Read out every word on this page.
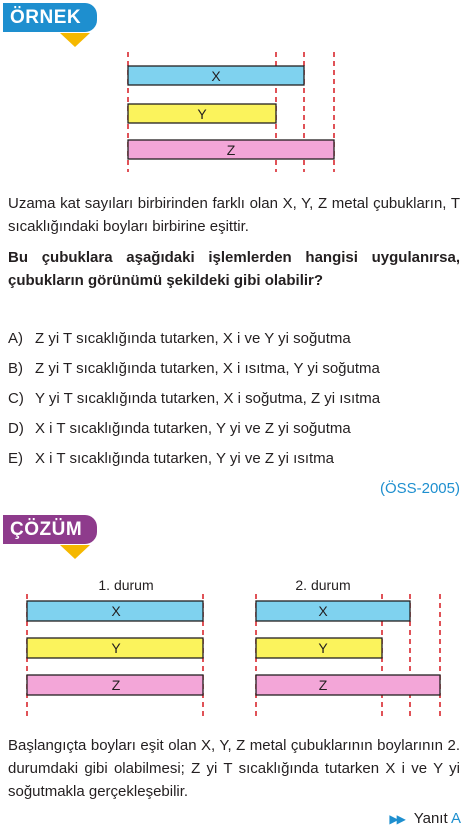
ÖRNEK
X
Y
Z
Uzama kat sayıları birbirinden farklı olan X, Y, Z metal çubukların, T sıcaklığındaki boyları birbirine eşittir.
Bu çubuklara aşağıdaki işlemlerden hangisi uygulanırsa, çubukların görünümü şekildeki gibi olabilir?
A) Z yi T sıcaklığında tutarken, X i ve Y yi soğutma
B) Z yi T sıcaklığında tutarken, X i ısıtma, Y yi soğutma
C) Y yi T sıcaklığında tutarken, X i soğutma, Z yi ısıtma
D) X i T sıcaklığında tutarken, Y yi ve Z yi soğutma
E) X i T sıcaklığında tutarken, Y yi ve Z yi ısıtma
(ÖSS-2005)
ÇÖZÜM
1. durum	2. durum
X
Y
Z
X
Y
Z
Başlangıçta boyları eşit olan X, Y, Z metal çubuklarının boylarının 2. durumdaki gibi olabilmesi; Z yi T sıcaklığında tutarken X i ve Y yi soğutmakla gerçekleşebilir.
▶▶ Yanıt A
